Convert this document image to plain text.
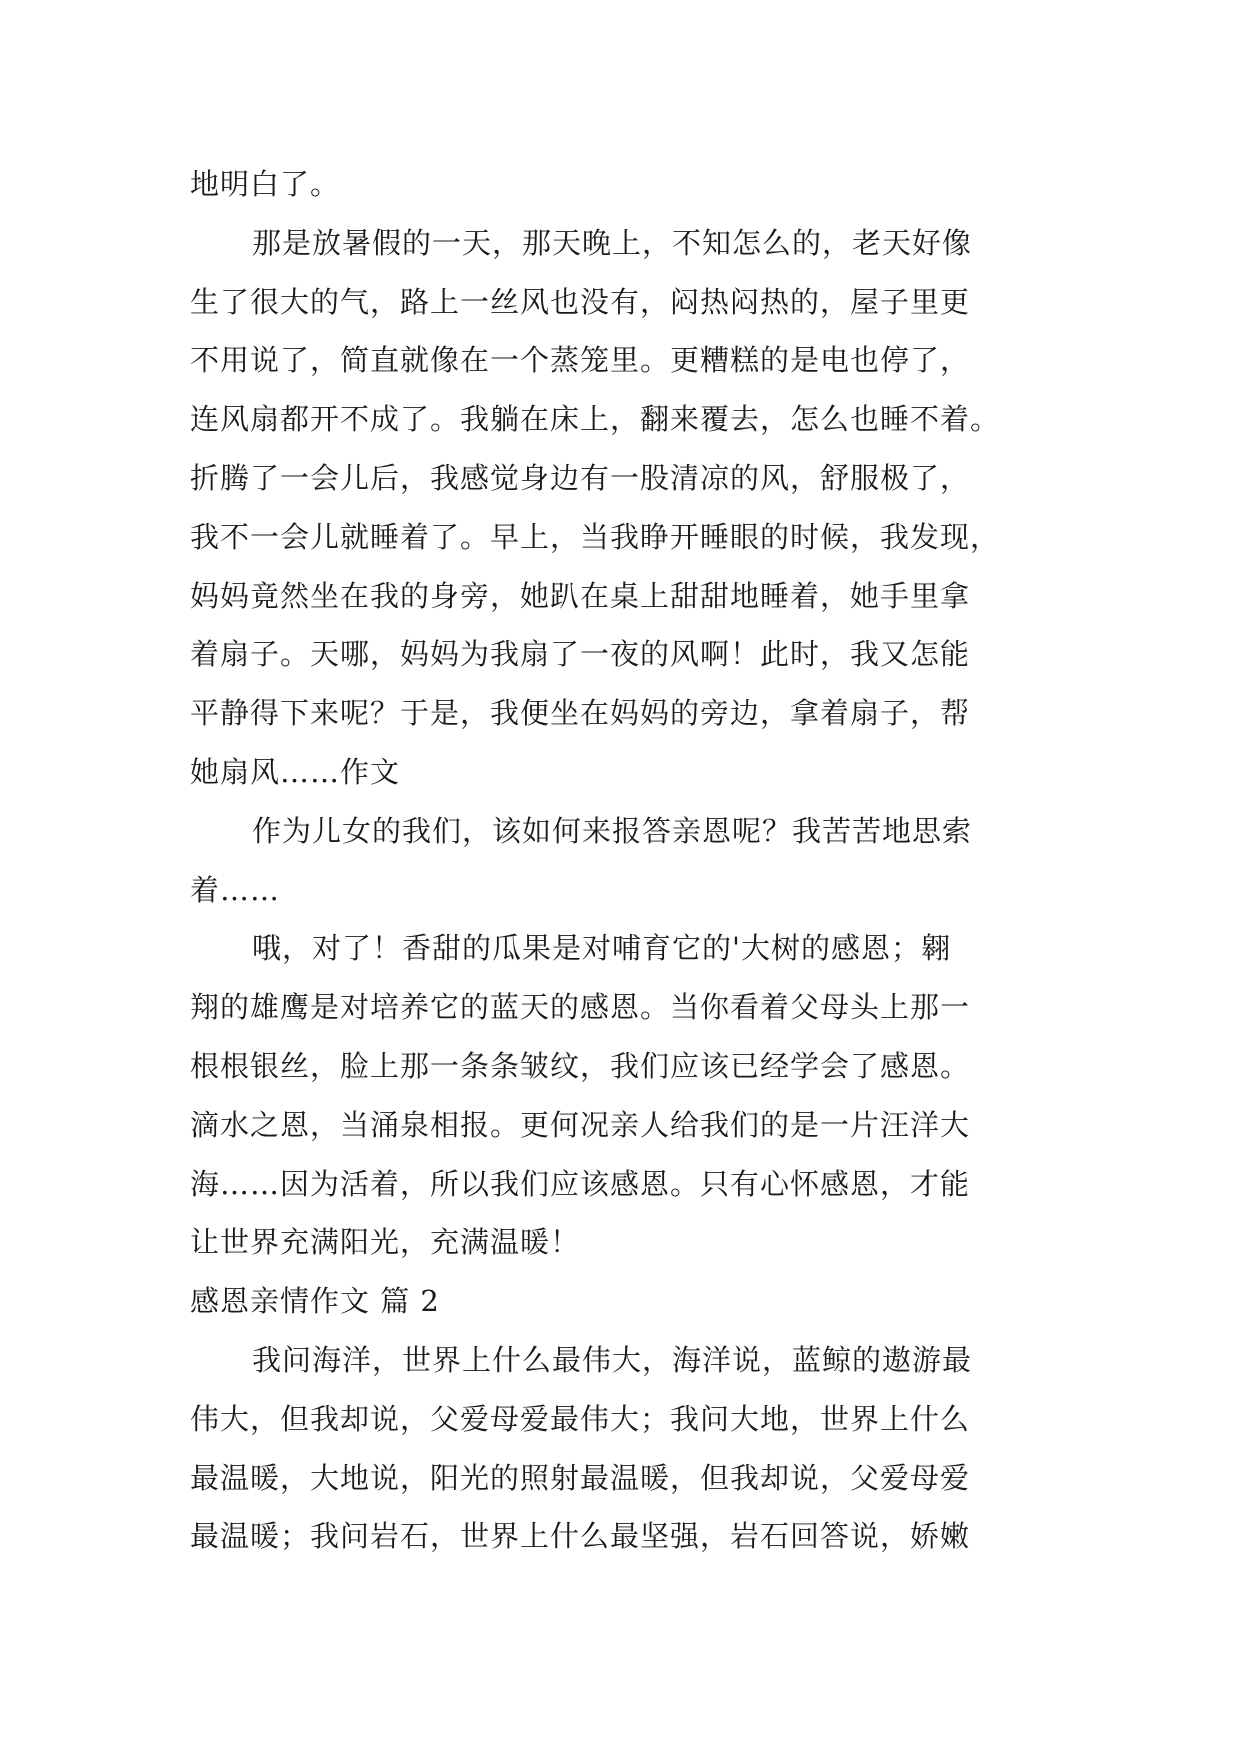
地明白了。
那是放暑假的一天，那天晚上，不知怎么的，老天好像
生了很大的气，路上一丝风也没有，闷热闷热的，屋子里更
不用说了，简直就像在一个蒸笼里。更糟糕的是电也停了，
连风扇都开不成了。我躺在床上，翻来覆去，怎么也睡不着。
折腾了一会儿后，我感觉身边有一股清凉的风，舒服极了，
我不一会儿就睡着了。早上，当我睁开睡眼的时候，我发现，
妈妈竟然坐在我的身旁，她趴在桌上甜甜地睡着，她手里拿
着扇子。天哪，妈妈为我扇了一夜的风啊！此时，我又怎能
平静得下来呢？于是，我便坐在妈妈的旁边，拿着扇子，帮
她扇风……作文
作为儿女的我们，该如何来报答亲恩呢？我苦苦地思索
着……
哦，对了！香甜的瓜果是对哺育它的'大树的感恩；翱
翔的雄鹰是对培养它的蓝天的感恩。当你看着父母头上那一
根根银丝，脸上那一条条皱纹，我们应该已经学会了感恩。
滴水之恩，当涌泉相报。更何况亲人给我们的是一片汪洋大
海……因为活着，所以我们应该感恩。只有心怀感恩，才能
让世界充满阳光，充满温暖！
感恩亲情作文 篇 2
我问海洋，世界上什么最伟大，海洋说，蓝鲸的遨游最
伟大，但我却说，父爱母爱最伟大；我问大地，世界上什么
最温暖，大地说，阳光的照射最温暖，但我却说，父爱母爱
最温暖；我问岩石，世界上什么最坚强，岩石回答说，娇嫩
